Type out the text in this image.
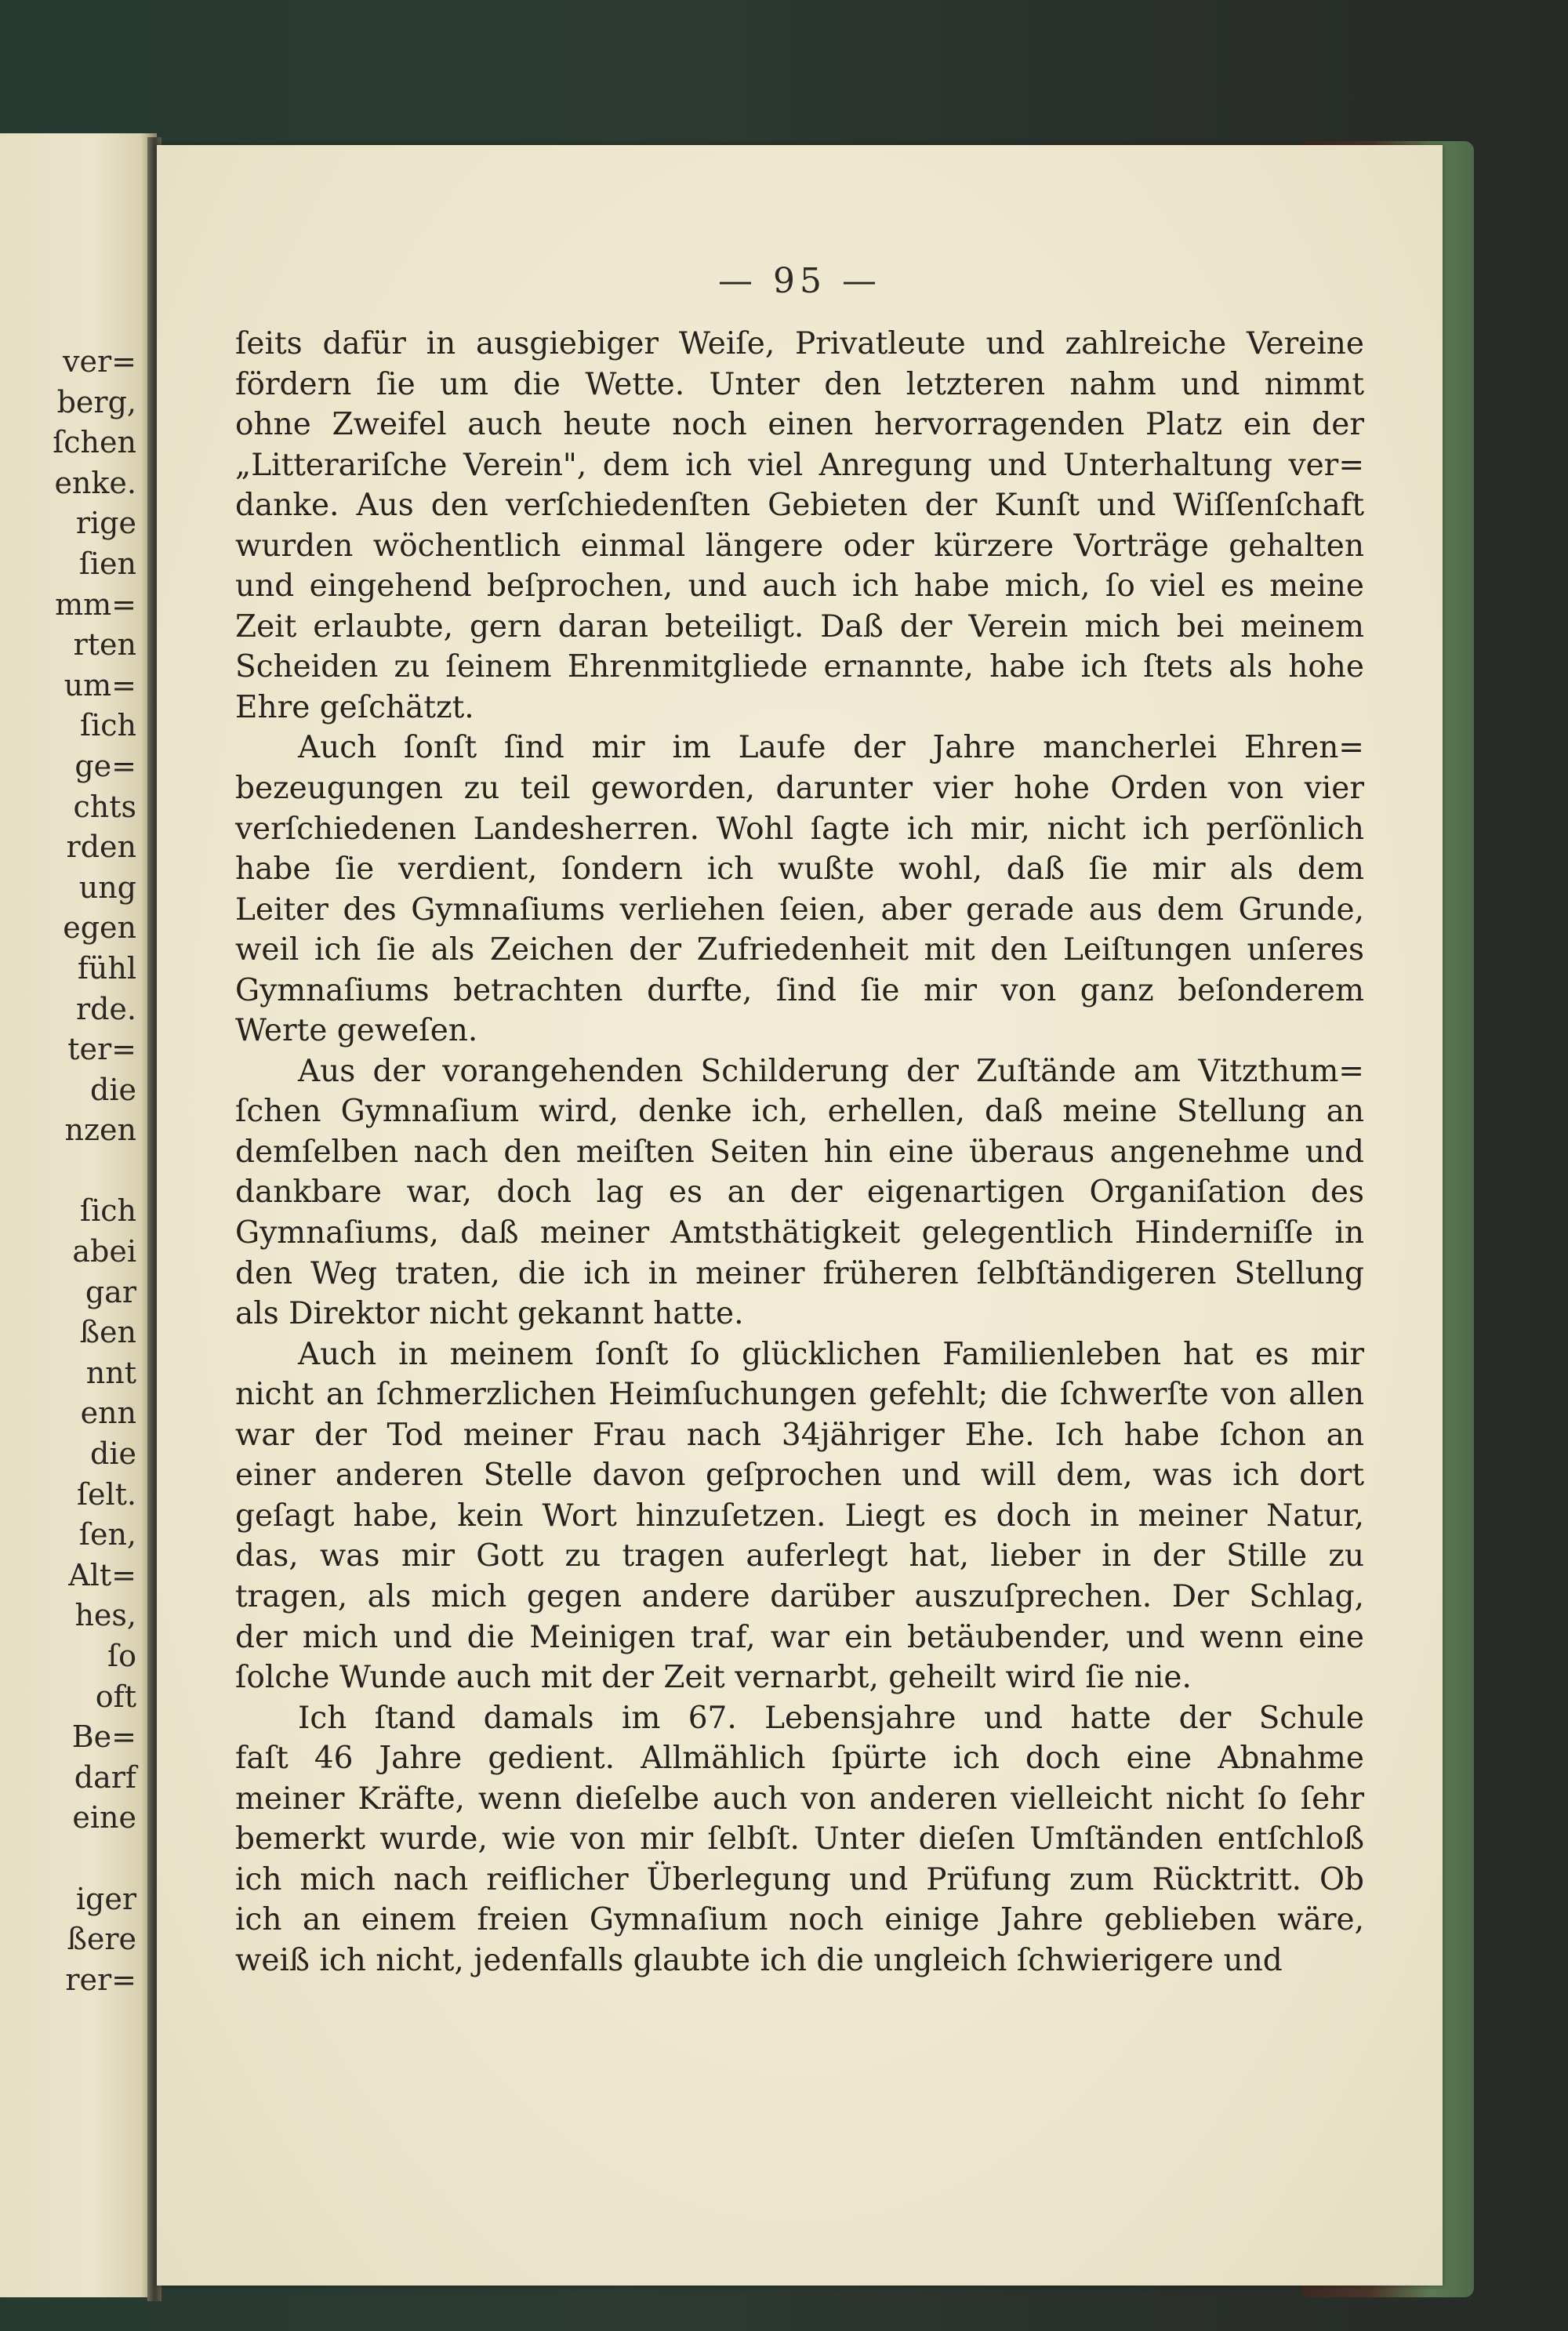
ver=
berg,
ſchen
enke.
rige
ſien
mm=
rten
um=
ſich
ge=
chts
rden
ung
egen
fühl
rde.
ter=
die
nzen
ſich
abei
gar
ßen
nnt
enn
die
ſelt.
ſen,
Alt=
hes,
ſo
oft
Be=
darf
eine
iger
ßere
rer=
— 95 —
ſeits dafür in ausgiebiger Weiſe, Privatleute und zahlreiche Vereine
fördern ſie um die Wette. Unter den letzteren nahm und nimmt
ohne Zweifel auch heute noch einen hervorragenden Platz ein der
„Litterariſche Verein", dem ich viel Anregung und Unterhaltung ver=
danke. Aus den verſchiedenſten Gebieten der Kunſt und Wiſſenſchaft
wurden wöchentlich einmal längere oder kürzere Vorträge gehalten
und eingehend beſprochen, und auch ich habe mich, ſo viel es meine
Zeit erlaubte, gern daran beteiligt. Daß der Verein mich bei meinem
Scheiden zu ſeinem Ehrenmitgliede ernannte, habe ich ſtets als hohe
Ehre geſchätzt.
Auch ſonſt ſind mir im Laufe der Jahre mancherlei Ehren=
bezeugungen zu teil geworden, darunter vier hohe Orden von vier
verſchiedenen Landesherren. Wohl ſagte ich mir, nicht ich perſönlich
habe ſie verdient, ſondern ich wußte wohl, daß ſie mir als dem
Leiter des Gymnaſiums verliehen ſeien, aber gerade aus dem Grunde,
weil ich ſie als Zeichen der Zufriedenheit mit den Leiſtungen unſeres
Gymnaſiums betrachten durfte, ſind ſie mir von ganz beſonderem
Werte geweſen.
Aus der vorangehenden Schilderung der Zuſtände am Vitzthum=
ſchen Gymnaſium wird, denke ich, erhellen, daß meine Stellung an
demſelben nach den meiſten Seiten hin eine überaus angenehme und
dankbare war, doch lag es an der eigenartigen Organiſation des
Gymnaſiums, daß meiner Amtsthätigkeit gelegentlich Hinderniſſe in
den Weg traten, die ich in meiner früheren ſelbſtändigeren Stellung
als Direktor nicht gekannt hatte.
Auch in meinem ſonſt ſo glücklichen Familienleben hat es mir
nicht an ſchmerzlichen Heimſuchungen gefehlt; die ſchwerſte von allen
war der Tod meiner Frau nach 34jähriger Ehe. Ich habe ſchon an
einer anderen Stelle davon geſprochen und will dem, was ich dort
geſagt habe, kein Wort hinzuſetzen. Liegt es doch in meiner Natur,
das, was mir Gott zu tragen auferlegt hat, lieber in der Stille zu
tragen, als mich gegen andere darüber auszuſprechen. Der Schlag,
der mich und die Meinigen traf, war ein betäubender, und wenn eine
ſolche Wunde auch mit der Zeit vernarbt, geheilt wird ſie nie.
Ich ſtand damals im 67. Lebensjahre und hatte der Schule
faſt 46 Jahre gedient. Allmählich ſpürte ich doch eine Abnahme
meiner Kräfte, wenn dieſelbe auch von anderen vielleicht nicht ſo ſehr
bemerkt wurde, wie von mir ſelbſt. Unter dieſen Umſtänden entſchloß
ich mich nach reiflicher Überlegung und Prüfung zum Rücktritt. Ob
ich an einem freien Gymnaſium noch einige Jahre geblieben wäre,
weiß ich nicht, jedenfalls glaubte ich die ungleich ſchwierigere und
